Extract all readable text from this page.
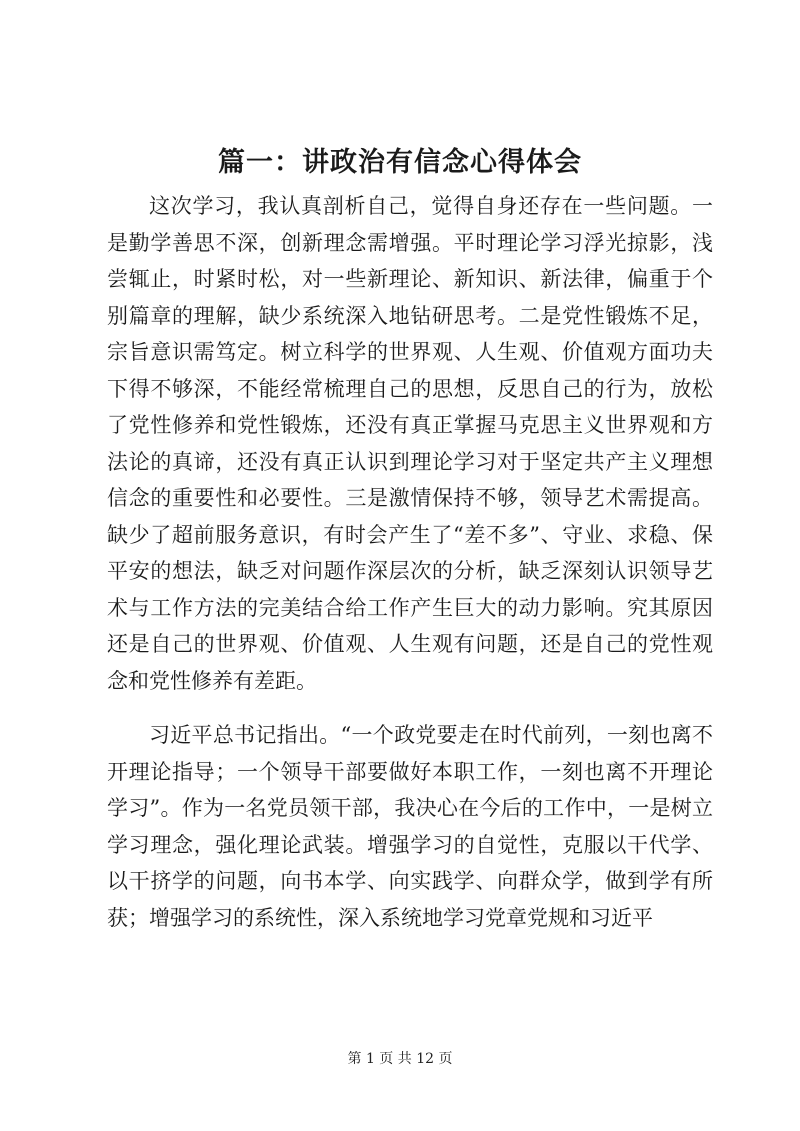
篇一：讲政治有信念心得体会

这次学习，我认真剖析自己，觉得自身还存在一些问题。一是勤学善思不深，创新理念需增强。平时理论学习浮光掠影，浅尝辄止，时紧时松，对一些新理论、新知识、新法律，偏重于个别篇章的理解，缺少系统深入地钻研思考。二是党性锻炼不足，宗旨意识需笃定。树立科学的世界观、人生观、价值观方面功夫下得不够深，不能经常梳理自己的思想，反思自己的行为，放松了党性修养和党性锻炼，还没有真正掌握马克思主义世界观和方法论的真谛，还没有真正认识到理论学习对于坚定共产主义理想信念的重要性和必要性。三是激情保持不够，领导艺术需提高。缺少了超前服务意识，有时会产生了“差不多”、守业、求稳、保平安的想法，缺乏对问题作深层次的分析，缺乏深刻认识领导艺术与工作方法的完美结合给工作产生巨大的动力影响。究其原因还是自己的世界观、价值观、人生观有问题，还是自己的党性观念和党性修养有差距。

习近平总书记指出。“一个政党要走在时代前列，一刻也离不开理论指导；一个领导干部要做好本职工作，一刻也离不开理论学习”。作为一名党员领干部，我决心在今后的工作中，一是树立学习理念，强化理论武装。增强学习的自觉性，克服以干代学、以干挤学的问题，向书本学、向实践学、向群众学，做到学有所获；增强学习的系统性，深入系统地学习党章党规和习近平

第 1 页 共 12 页
